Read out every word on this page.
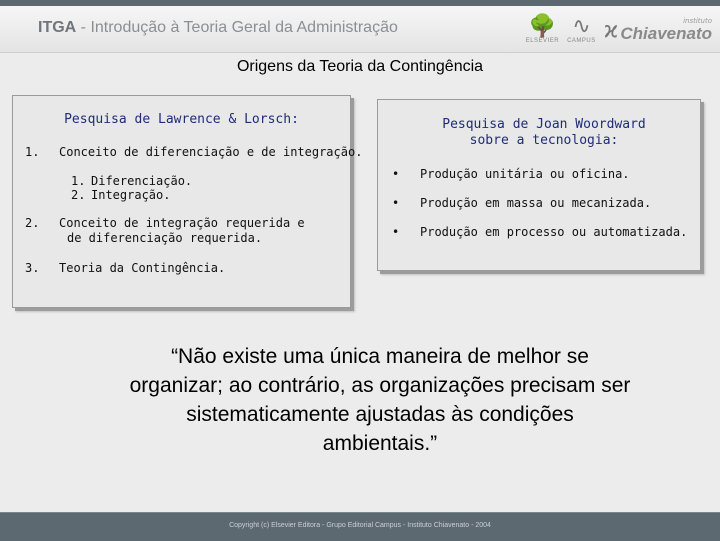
ITGA - Introdução à Teoria Geral da Administração	🌳
ELSEVIER
∿
CAMPUS ϰ	instituto
Chiavenato
Origens da Teoria da Contingência
Pesquisa de Lawrence & Lorsch:
1. Conceito de diferenciação e de integração.
1. Diferenciação.
2. Integração.
2. Conceito de integração requerida e
de diferenciação requerida.
3. Teoria da Contingência.
Pesquisa de Joan Woordward
sobre a tecnologia:
• Produção unitária ou oficina.
• Produção em massa ou mecanizada.
• Produção em processo ou automatizada.
“Não existe uma única maneira de melhor se
organizar; ao contrário, as organizações precisam ser
sistematicamente ajustadas às condições
ambientais.”
Copyright (c) Elsevier Editora - Grupo Editorial Campus - Instituto Chiavenato - 2004
